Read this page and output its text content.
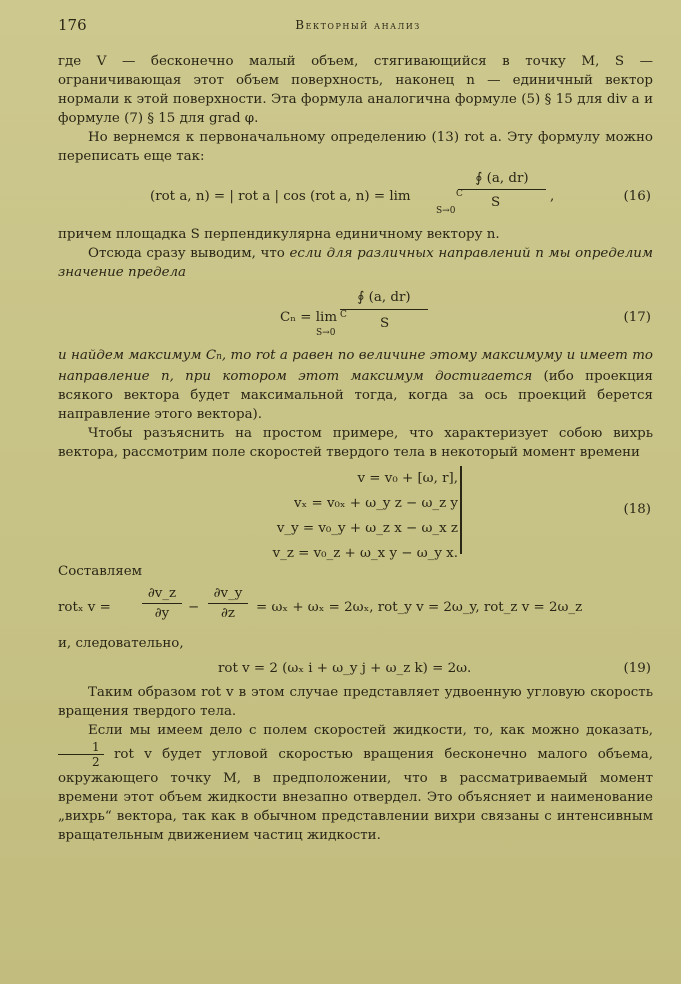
176	Векторный анализ

где V — бесконечно малый объем, стягивающийся в точку M, S — ограничивающая этот объем поверхность, наконец n — единичный вектор нормали к этой поверхности. Эта формула аналогична формуле (5) § 15 для div a и формуле (7) § 15 для grad φ.

Но вернемся к первоначальному определению (13) rot a. Эту формулу можно переписать еще так:

(rot a, n) = | rot a | cos (rot a, n) = lim
S→0
∮ (a, dr)
C
S	,	(16)

причем площадка S перпендикулярна единичному вектору n.

Отсюда сразу выводим, что если для различных направлений n мы определим значение предела

Cₙ = lim
S→0
∮ (a, dr)
C
S	(17)

и найдем максимум Cn, то rot a равен по величине этому максимуму и имеет то направление n, при котором этот максимум достигается (ибо проекция всякого вектора будет максимальной тогда, когда за ось проекций берется направление этого вектора).

Чтобы разъяснить на простом примере, что характеризует собою вихрь вектора, рассмотрим поле скоростей твердого тела в некоторый момент времени

v = v₀ + [ω, r],
vₓ = v₀ₓ + ω_y z − ω_z y
v_y = v₀_y + ω_z x − ω_x z
v_z = v₀_z + ω_x y − ω_y x.
(18)

Составляем

rotₓ v =
∂v_z
∂y	−
∂v_y
∂z	= ωₓ + ωₓ = 2ωₓ, rot_y v = 2ω_y, rot_z v = 2ω_z

и, следовательно,

rot v = 2 (ωₓ i + ω_y j + ω_z k) = 2ω.	(19)

Таким образом rot v в этом случае представляет удвоенную угловую скорость вращения твердого тела.

Если мы имеем дело с полем скоростей жидкости, то, как можно доказать,
$\frac{1}{2}$ rot v будет угловой скоростью вращения бесконечно малого объема, окружающего точку M, в предположении, что в рассматриваемый момент времени этот объем жидкости внезапно отвердел. Это объясняет и наименование „вихрь“ вектора, так как в обычном представлении вихри связаны с интенсивным вращательным движением частиц жидкости.
